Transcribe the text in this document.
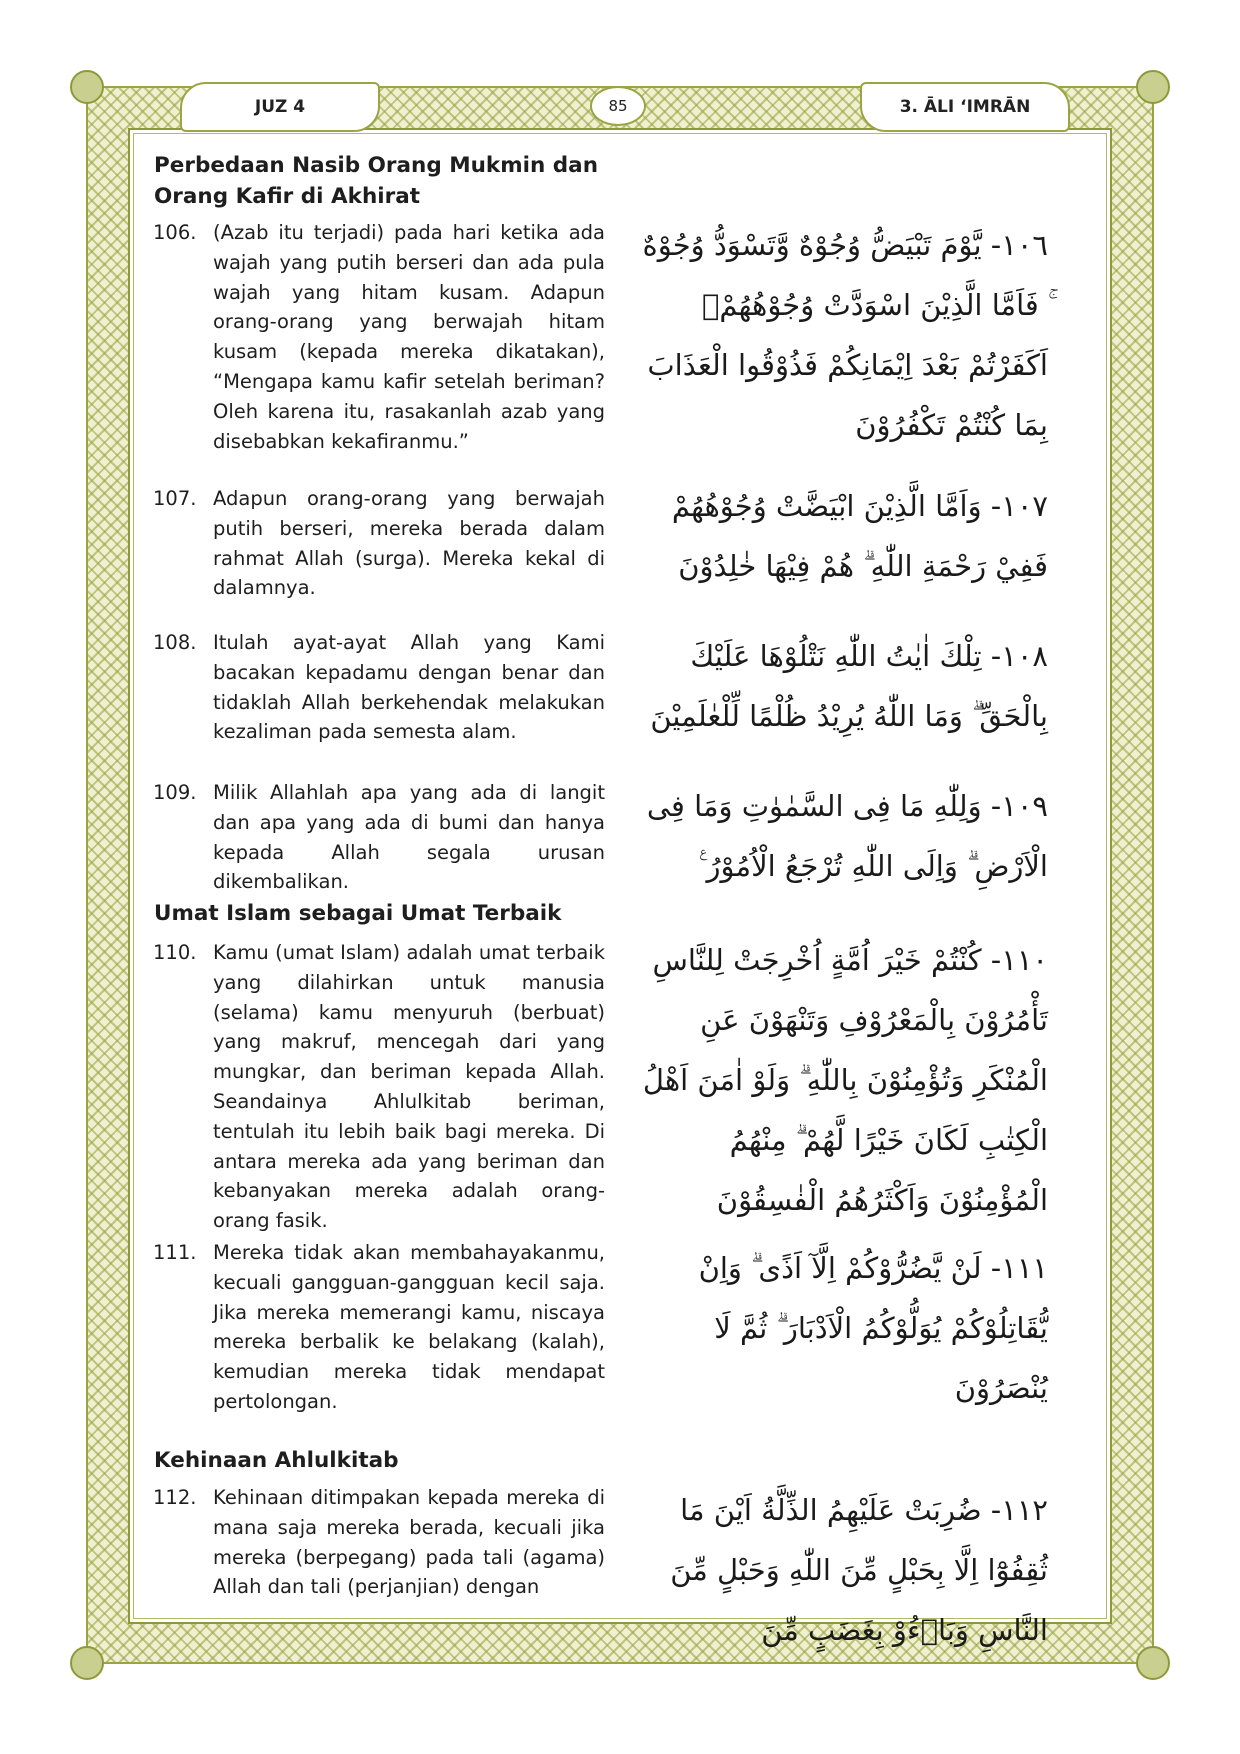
JUZ 4	85	3. ĀLI ‘IMRĀN
Perbedaan Nasib Orang Mukmin dan
Orang Kafir di Akhirat
106. (Azab itu terjadi) pada hari ketika ada wajah yang putih berseri dan ada pula wajah yang hitam kusam. Adapun orang-orang yang berwajah hitam kusam (kepada mereka dikatakan), “Mengapa kamu kafir setelah beriman? Oleh karena itu, rasakanlah azab yang disebabkan kekafiranmu.”
١٠٦- يَّوْمَ تَبْيَضُّ وُجُوْهٌ وَّتَسْوَدُّ وُجُوْهٌ ۚ فَاَمَّا الَّذِيْنَ اسْوَدَّتْ وُجُوْهُهُمْۗ اَكَفَرْتُمْ بَعْدَ اِيْمَانِكُمْ فَذُوْقُوا الْعَذَابَ بِمَا كُنْتُمْ تَكْفُرُوْنَ
107. Adapun orang-orang yang berwajah putih berseri, mereka berada dalam rahmat Allah (surga). Mereka kekal di dalamnya.
١٠٧- وَاَمَّا الَّذِيْنَ ابْيَضَّتْ وُجُوْهُهُمْ فَفِيْ رَحْمَةِ اللّٰهِ ۗ هُمْ فِيْهَا خٰلِدُوْنَ
108. Itulah ayat-ayat Allah yang Kami bacakan kepadamu dengan benar dan tidaklah Allah berkehendak melakukan kezaliman pada semesta alam.
١٠٨- تِلْكَ اٰيٰتُ اللّٰهِ نَتْلُوْهَا عَلَيْكَ بِالْحَقِّ ۗ وَمَا اللّٰهُ يُرِيْدُ ظُلْمًا لِّلْعٰلَمِيْنَ
109. Milik Allahlah apa yang ada di langit dan apa yang ada di bumi dan hanya kepada Allah segala urusan dikembalikan.
١٠٩- وَلِلّٰهِ مَا فِى السَّمٰوٰتِ وَمَا فِى الْاَرْضِ ۗ وَاِلَى اللّٰهِ تُرْجَعُ الْاُمُوْرُ ࣖ
Umat Islam sebagai Umat Terbaik
110. Kamu (umat Islam) adalah umat terbaik yang dilahirkan untuk manusia (selama) kamu menyuruh (berbuat) yang makruf, mencegah dari yang mungkar, dan beriman kepada Allah. Seandainya Ahlulkitab beriman, tentulah itu lebih baik bagi mereka. Di antara mereka ada yang beriman dan kebanyakan mereka adalah orang-orang fasik.
١١٠- كُنْتُمْ خَيْرَ اُمَّةٍ اُخْرِجَتْ لِلنَّاسِ تَأْمُرُوْنَ بِالْمَعْرُوْفِ وَتَنْهَوْنَ عَنِ الْمُنْكَرِ وَتُؤْمِنُوْنَ بِاللّٰهِ ۗ وَلَوْ اٰمَنَ اَهْلُ الْكِتٰبِ لَكَانَ خَيْرًا لَّهُمْ ۗ مِنْهُمُ الْمُؤْمِنُوْنَ وَاَكْثَرُهُمُ الْفٰسِقُوْنَ
111. Mereka tidak akan membahayakanmu, kecuali gangguan-gangguan kecil saja. Jika mereka memerangi kamu, niscaya mereka berbalik ke belakang (kalah), kemudian mereka tidak mendapat pertolongan.
١١١- لَنْ يَّضُرُّوْكُمْ اِلَّآ اَذًى ۗ وَاِنْ يُّقَاتِلُوْكُمْ يُوَلُّوْكُمُ الْاَدْبَارَ ۗ ثُمَّ لَا يُنْصَرُوْنَ
Kehinaan Ahlulkitab
112. Kehinaan ditimpakan kepada mereka di mana saja mereka berada, kecuali jika mereka (berpegang) pada tali (agama) Allah dan tali (perjanjian) dengan
١١٢- ضُرِبَتْ عَلَيْهِمُ الذِّلَّةُ اَيْنَ مَا ثُقِفُوْٓا اِلَّا بِحَبْلٍ مِّنَ اللّٰهِ وَحَبْلٍ مِّنَ النَّاسِ وَبَاۤءُوْ بِغَضَبٍ مِّنَ
